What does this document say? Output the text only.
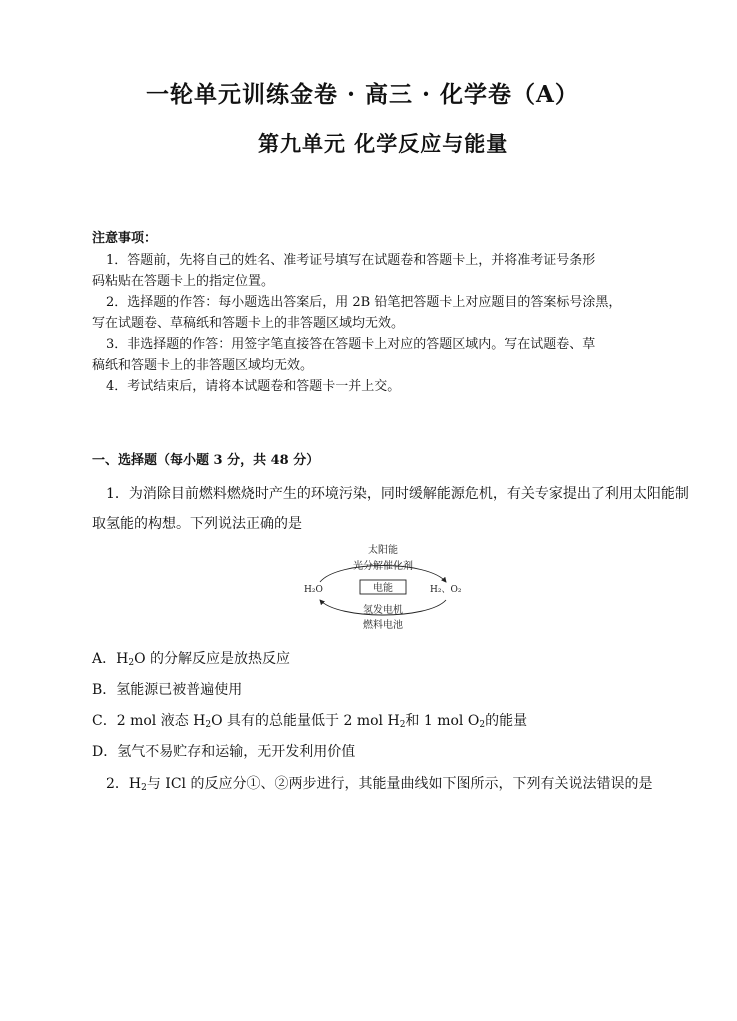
一轮单元训练金卷 · 高三 · 化学卷（A）
第九单元 化学反应与能量
注意事项：
1．答题前，先将自己的姓名、准考证号填写在试题卷和答题卡上，并将准考证号条形
码粘贴在答题卡上的指定位置。
2．选择题的作答：每小题选出答案后，用 2B 铅笔把答题卡上对应题目的答案标号涂黑，
写在试题卷、草稿纸和答题卡上的非答题区域均无效。
3．非选择题的作答：用签字笔直接答在答题卡上对应的答题区域内。写在试题卷、草
稿纸和答题卡上的非答题区域均无效。
4．考试结束后，请将本试题卷和答题卡一并上交。
一、选择题（每小题 3 分，共 48 分）
1．为消除目前燃料燃烧时产生的环境污染，同时缓解能源危机，有关专家提出了利用太阳能制
取氢能的构想。下列说法正确的是
太阳能
光分解催化剂
H₂O	H₂、O₂
电能
氢发电机
燃料电池
A．$H_2O$ 的分解反应是放热反应
B．氢能源已被普遍使用
C．2 mol 液态 $H_2O$ 具有的总能量低于 2 mol $H_2$和 1 mol $O_2$的能量
D．氢气不易贮存和运输，无开发利用价值
2．$H_2$与 ICl 的反应分①、②两步进行，其能量曲线如下图所示，下列有关说法错误的是
